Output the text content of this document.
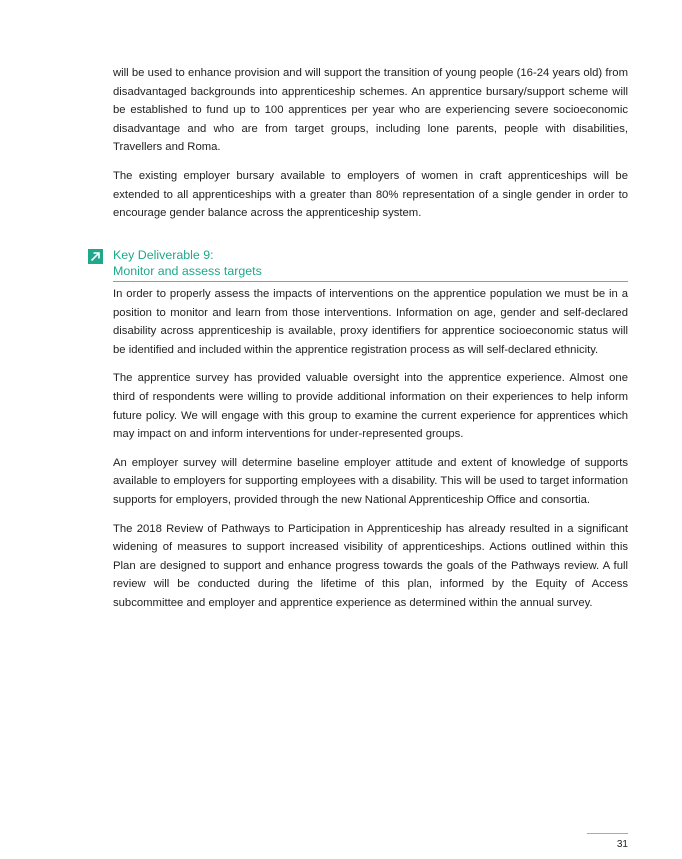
will be used to enhance provision and will support the transition of young people (16-24 years old) from disadvantaged backgrounds into apprenticeship schemes. An apprentice bursary/support scheme will be established to fund up to 100 apprentices per year who are experiencing severe socioeconomic disadvantage and who are from target groups, including lone parents, people with disabilities, Travellers and Roma.

The existing employer bursary available to employers of women in craft apprenticeships will be extended to all apprenticeships with a greater than 80% representation of a single gender in order to encourage gender balance across the apprenticeship system.

Key Deliverable 9:
Monitor and assess targets

In order to properly assess the impacts of interventions on the apprentice population we must be in a position to monitor and learn from those interventions. Information on age, gender and self-declared disability across apprenticeship is available, proxy identifiers for apprentice socioeconomic status will be identified and included within the apprentice registration process as will self-declared ethnicity.

The apprentice survey has provided valuable oversight into the apprentice experience. Almost one third of respondents were willing to provide additional information on their experiences to help inform future policy. We will engage with this group to examine the current experience for apprentices which may impact on and inform interventions for under-represented groups.

An employer survey will determine baseline employer attitude and extent of knowledge of supports available to employers for supporting employees with a disability. This will be used to target information supports for employers, provided through the new National Apprenticeship Office and consortia.

The 2018 Review of Pathways to Participation in Apprenticeship has already resulted in a significant widening of measures to support increased visibility of apprenticeships. Actions outlined within this Plan are designed to support and enhance progress towards the goals of the Pathways review. A full review will be conducted during the lifetime of this plan, informed by the Equity of Access subcommittee and employer and apprentice experience as determined within the annual survey.

31
